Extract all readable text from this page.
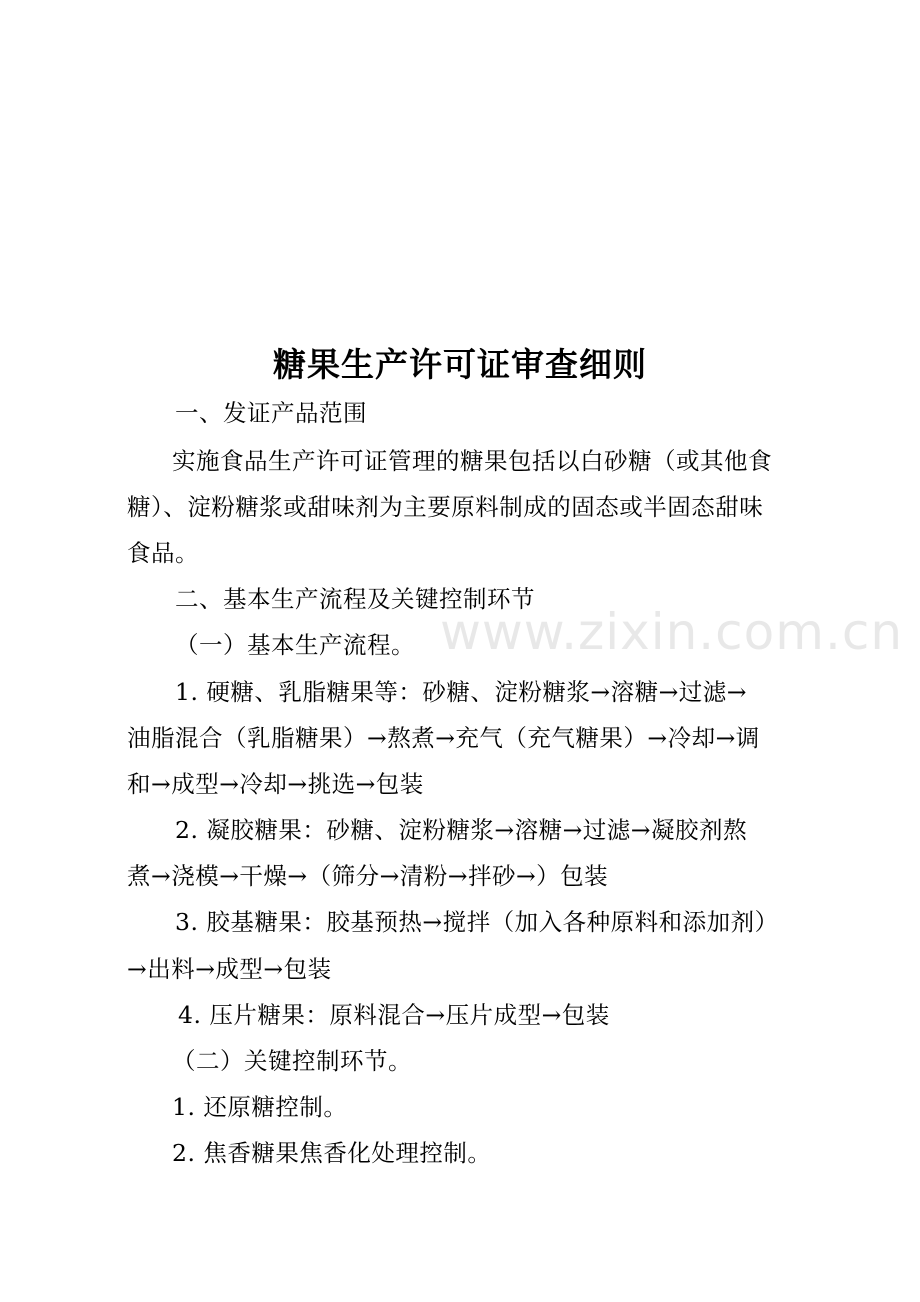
糖果生产许可证审查细则
一、发证产品范围
实施食品生产许可证管理的糖果包括以白砂糖（或其他食
糖）、淀粉糖浆或甜味剂为主要原料制成的固态或半固态甜味
食品。
二、基本生产流程及关键控制环节
（一）基本生产流程。
1. 硬糖、乳脂糖果等：砂糖、淀粉糖浆→溶糖→过滤→
油脂混合（乳脂糖果）→熬煮→充气（充气糖果）→冷却→调
和→成型→冷却→挑选→包装
2. 凝胶糖果：砂糖、淀粉糖浆→溶糖→过滤→凝胶剂熬
煮→浇模→干燥→（筛分→清粉→拌砂→）包装
3. 胶基糖果：胶基预热→搅拌（加入各种原料和添加剂）
→出料→成型→包装
4. 压片糖果：原料混合→压片成型→包装
（二）关键控制环节。
1. 还原糖控制。
2. 焦香糖果焦香化处理控制。
www.zixin.com.cn
